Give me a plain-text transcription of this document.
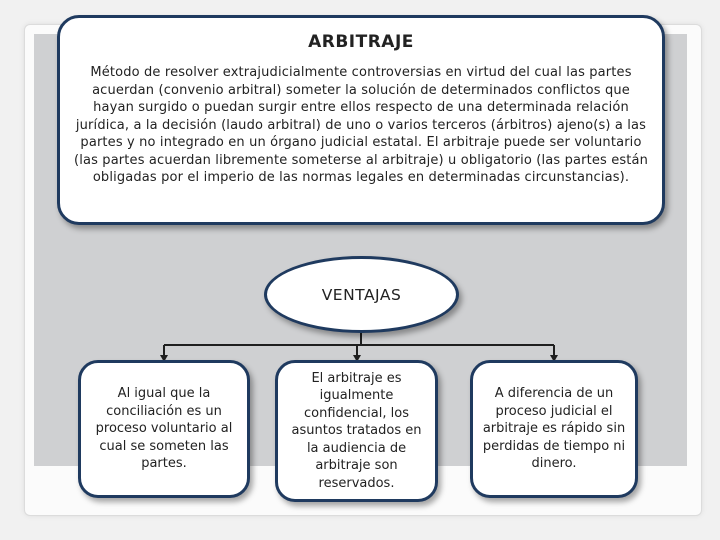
ARBITRAJE
Método de resolver extrajudicialmente controversias en virtud del cual las partes acuerdan (convenio arbitral) someter la solución de determinados conflictos que hayan surgido o puedan surgir entre ellos respecto de una determinada relación jurídica, a la decisión (laudo arbitral) de uno o varios terceros (árbitros) ajeno(s) a las partes y no integrado en un órgano judicial estatal. El arbitraje puede ser voluntario (las partes acuerdan libremente someterse al arbitraje) u obligatorio (las partes están obligadas por el imperio de las normas legales en determinadas circunstancias).
VENTAJAS
Al igual que la conciliación es un proceso voluntario al cual se someten las partes.
El arbitraje es igualmente confidencial, los asuntos tratados en la audiencia de arbitraje son reservados.
A diferencia de un proceso judicial el arbitraje es rápido sin perdidas de tiempo ni dinero.
